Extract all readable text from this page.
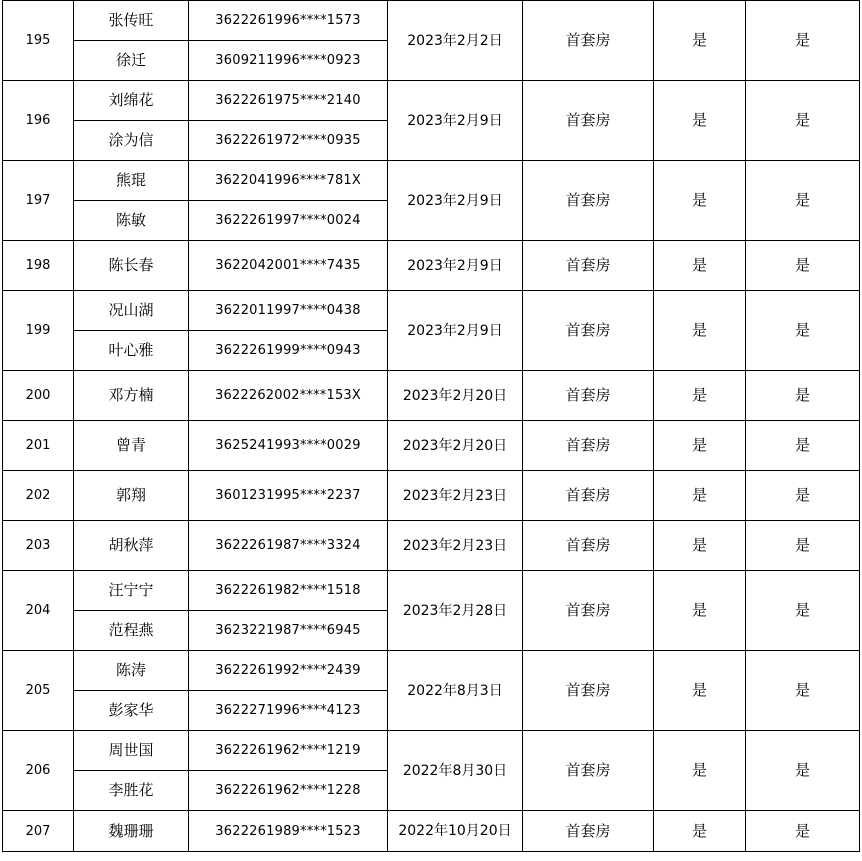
195	张传旺	3622261996****1573	2023年2月2日	首套房	是	是
	徐迁	3609211996****0923				
196	刘绵花	3622261975****2140	2023年2月9日	首套房	是	是
	涂为信	3622261972****0935				
197	熊琨	3622041996****781X	2023年2月9日	首套房	是	是
	陈敏	3622261997****0024				
198	陈长春	3622042001****7435	2023年2月9日	首套房	是	是
199	况山湖	3622011997****0438	2023年2月9日	首套房	是	是
	叶心雅	3622261999****0943				
200	邓方楠	3622262002****153X	2023年2月20日	首套房	是	是
201	曾青	3625241993****0029	2023年2月20日	首套房	是	是
202	郭翔	3601231995****2237	2023年2月23日	首套房	是	是
203	胡秋萍	3622261987****3324	2023年2月23日	首套房	是	是
204	汪宁宁	3622261982****1518	2023年2月28日	首套房	是	是
	范程燕	3623221987****6945				
205	陈涛	3622261992****2439	2022年8月3日	首套房	是	是
	彭家华	3622271996****4123				
206	周世国	3622261962****1219	2022年8月30日	首套房	是	是
	李胜花	3622261962****1228				
207	魏珊珊	3622261989****1523	2022年10月20日	首套房	是	是
